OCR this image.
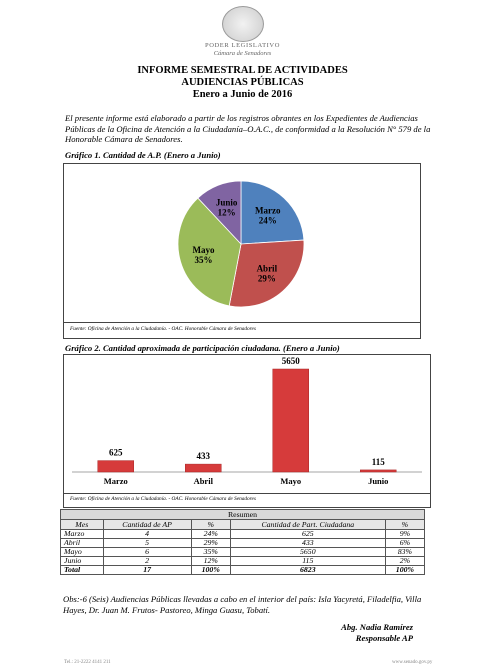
PODER LEGISLATIVO
Cámara de Senadores
INFORME SEMESTRAL DE ACTIVIDADES
AUDIENCIAS PÚBLICAS
Enero a Junio de 2016
El presente informe está elaborado a partir de los registros obrantes en los Expedientes de Audiencias Públicas de la Oficina de Atención a la Ciudadanía–O.A.C., de conformidad a la Resolución N° 579 de la Honorable Cámara de Senadores.
Gráfico 1. Cantidad de A.P. (Enero a Junio)
Marzo
24%
Abril
29%
Mayo
35%
Junio
12%
Fuente: Oficina de Atención a la Ciudadanía. - OAC. Honorable Cámara de Senadores
Gráfico 2. Cantidad aproximada de participación ciudadana. (Enero a Junio)
625
Marzo
433
Abril
5650
Mayo
115
Junio
Fuente: Oficina de Atención a la Ciudadanía. - OAC. Honorable Cámara de Senadores
Resumen				
Mes	Cantidad de AP	%	Cantidad de Part. Ciudadana	%
Marzo	4	24%	625	9%
Abril	5	29%	433	6%
Mayo	6	35%	5650	83%
Junio	2	12%	115	2%
Total	17	100%	6823	100%
Obs:-6 (Seis) Audiencias Públicas llevadas a cabo en el interior del país: Isla Yacyretá, Filadelfia, Villa Hayes, Dr. Juan M. Frutos- Pastoreo, Minga Guasu, Tobatí.
Abg. Nadia Ramírez
Responsable AP
Tel.: 21-2222 4141 211	www.senado.gov.py
